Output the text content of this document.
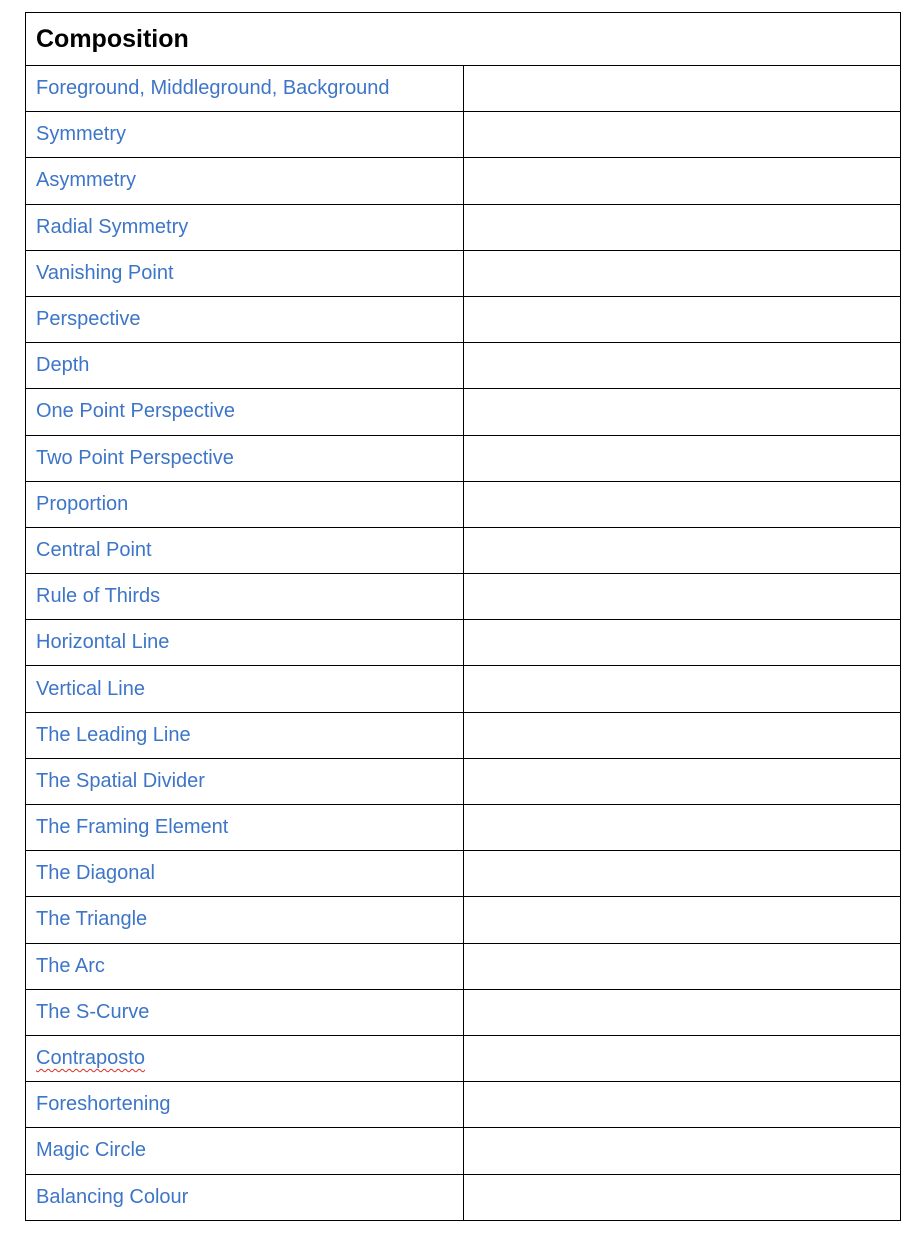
Composition	
Foreground, Middleground, Background	
Symmetry	
Asymmetry	
Radial Symmetry	
Vanishing Point	
Perspective	
Depth	
One Point Perspective	
Two Point Perspective	
Proportion	
Central Point	
Rule of Thirds	
Horizontal Line	
Vertical Line	
The Leading Line	
The Spatial Divider	
The Framing Element	
The Diagonal	
The Triangle	
The Arc	
The S-Curve	
Contraposto	
Foreshortening	
Magic Circle	
Balancing Colour	
